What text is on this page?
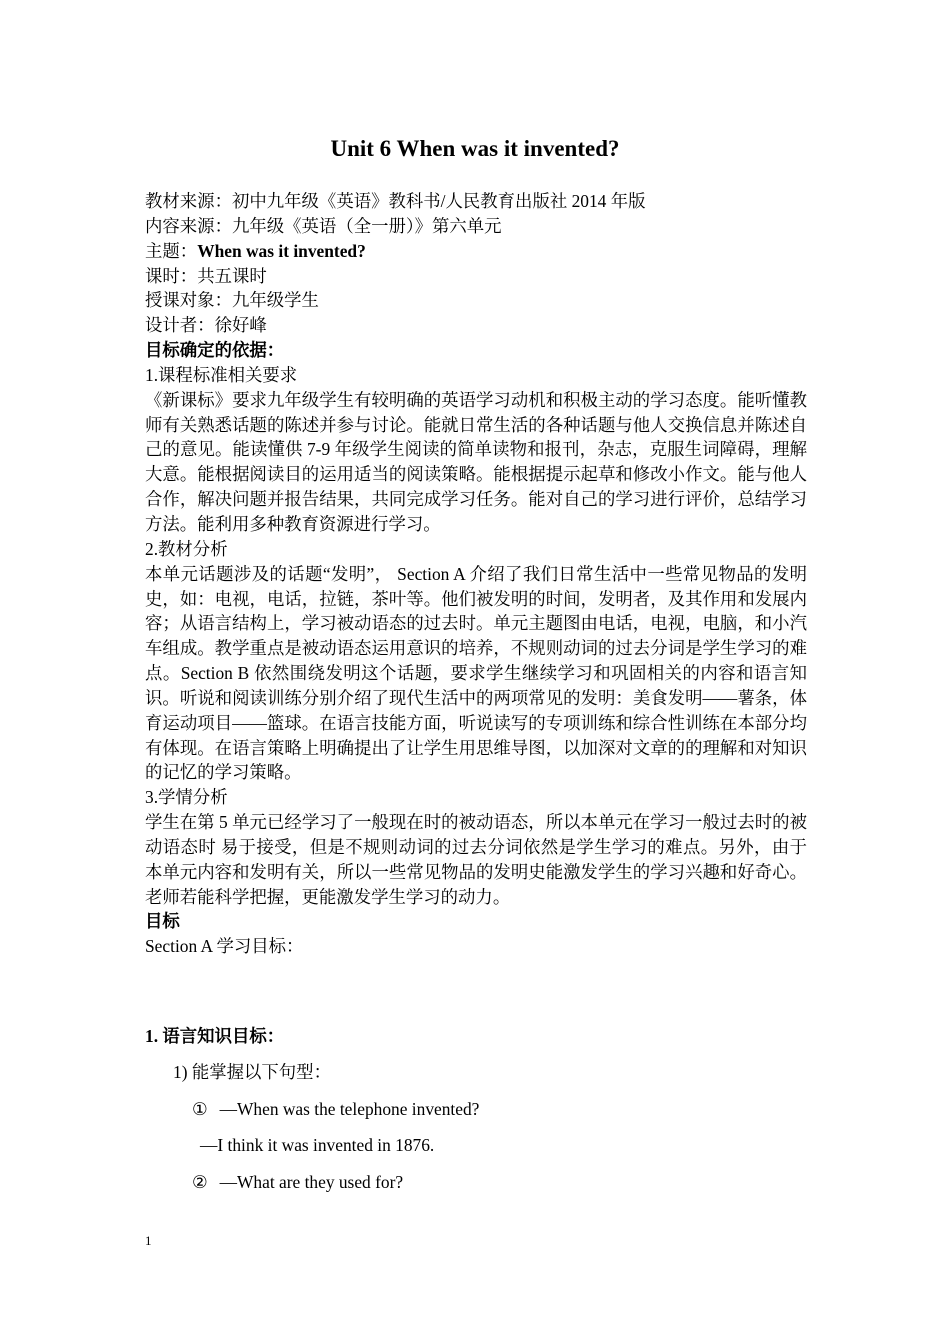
Unit 6 When was it invented?

教材来源：初中九年级《英语》教科书/人民教育出版社 2014 年版

内容来源：九年级《英语（全一册）》第六单元

主题：When was it invented?

课时：共五课时

授课对象：九年级学生

设计者：徐好峰

目标确定的依据：

1.课程标准相关要求

《新课标》要求九年级学生有较明确的英语学习动机和积极主动的学习态度。能听懂教师有关熟悉话题的陈述并参与讨论。能就日常生活的各种话题与他人交换信息并陈述自己的意见。能读懂供 7-9 年级学生阅读的简单读物和报刊，杂志，克服生词障碍，理解大意。能根据阅读目的运用适当的阅读策略。能根据提示起草和修改小作文。能与他人 合作，解决问题并报告结果，共同完成学习任务。能对自己的学习进行评价，总结学习方法。能利用多种教育资源进行学习。

2.教材分析

本单元话题涉及的话题“发明”， Section A 介绍了我们日常生活中一些常见物品的发明史，如：电视，电话，拉链，茶叶等。他们被发明的时间，发明者，及其作用和发展内容；从语言结构上，学习被动语态的过去时。单元主题图由电话，电视，电脑，和小汽车组成。教学重点是被动语态运用意识的培养，不规则动词的过去分词是学生学习的难点。Section B 依然围绕发明这个话题，要求学生继续学习和巩固相关的内容和语言知识。听说和阅读训练分别介绍了现代生活中的两项常见的发明：美食发明——薯条，体育运动项目——篮球。在语言技能方面，听说读写的专项训练和综合性训练在本部分均有体现。在语言策略上明确提出了让学生用思维导图，以加深对文章的的理解和对知识的记忆的学习策略。

3.学情分析

学生在第 5 单元已经学习了一般现在时的被动语态，所以本单元在学习一般过去时的被动语态时 易于接受，但是不规则动词的过去分词依然是学生学习的难点。另外，由于本单元内容和发明有关，所以一些常见物品的发明史能激发学生的学习兴趣和好奇心。老师若能科学把握，更能激发学生学习的动力。

目标

Section A 学习目标：

1. 语言知识目标：

1) 能掌握以下句型：

① —When was the telephone invented?

—I think it was invented in 1876.

② —What are they used for?

1
